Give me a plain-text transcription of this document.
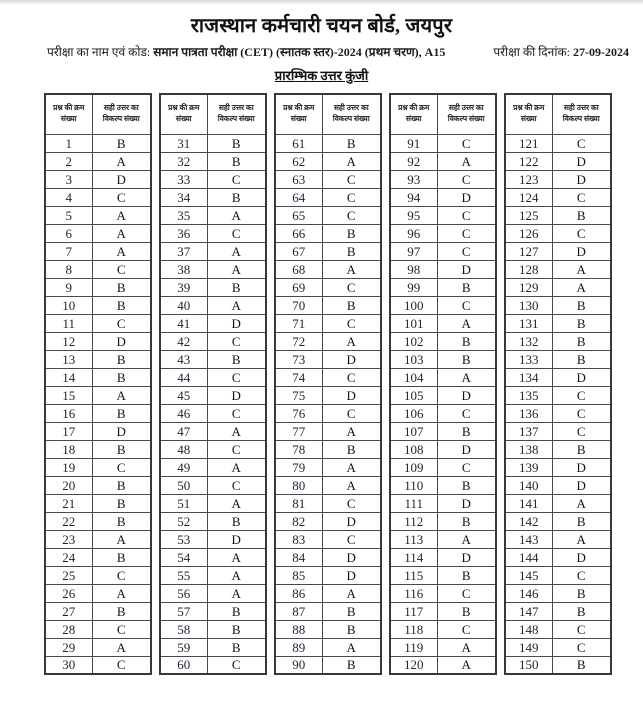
राजस्थान कर्मचारी चयन बोर्ड, जयपुर
परीक्षा का नाम एवं कोड: समान पात्रता परीक्षा (CET) (स्नातक स्तर)-2024 (प्रथम चरण), A15	परीक्षा की दिनांक: 27-09-2024
प्रारम्भिक उत्तर कुंजी
प्रश्न की क्रम संख्या	सही उत्तर का विकल्प संख्या
1	B
2	A
3	D
4	C
5	A
6	A
7	A
8	C
9	B
10	B
11	C
12	D
13	B
14	B
15	A
16	B
17	D
18	B
19	C
20	B
21	B
22	B
23	A
24	B
25	C
26	A
27	B
28	C
29	A
30	C
प्रश्न की क्रम संख्या	सही उत्तर का विकल्प संख्या
31	B
32	B
33	C
34	B
35	A
36	C
37	A
38	A
39	B
40	A
41	D
42	C
43	B
44	C
45	D
46	C
47	A
48	C
49	A
50	C
51	A
52	B
53	D
54	A
55	A
56	A
57	B
58	B
59	B
60	C
प्रश्न की क्रम संख्या	सही उत्तर का विकल्प संख्या
61	B
62	A
63	C
64	C
65	C
66	B
67	B
68	A
69	C
70	B
71	C
72	A
73	D
74	C
75	D
76	C
77	A
78	B
79	A
80	A
81	C
82	D
83	C
84	D
85	D
86	A
87	B
88	B
89	A
90	B
प्रश्न की क्रम संख्या	सही उत्तर का विकल्प संख्या
91	C
92	A
93	C
94	D
95	C
96	C
97	C
98	D
99	B
100	C
101	A
102	B
103	B
104	A
105	D
106	C
107	B
108	D
109	C
110	B
111	D
112	B
113	A
114	D
115	B
116	C
117	B
118	C
119	A
120	A
प्रश्न की क्रम संख्या	सही उत्तर का विकल्प संख्या
121	C
122	D
123	D
124	C
125	B
126	C
127	D
128	A
129	A
130	B
131	B
132	B
133	B
134	D
135	C
136	C
137	C
138	B
139	D
140	D
141	A
142	B
143	A
144	D
145	C
146	B
147	B
148	C
149	C
150	B
